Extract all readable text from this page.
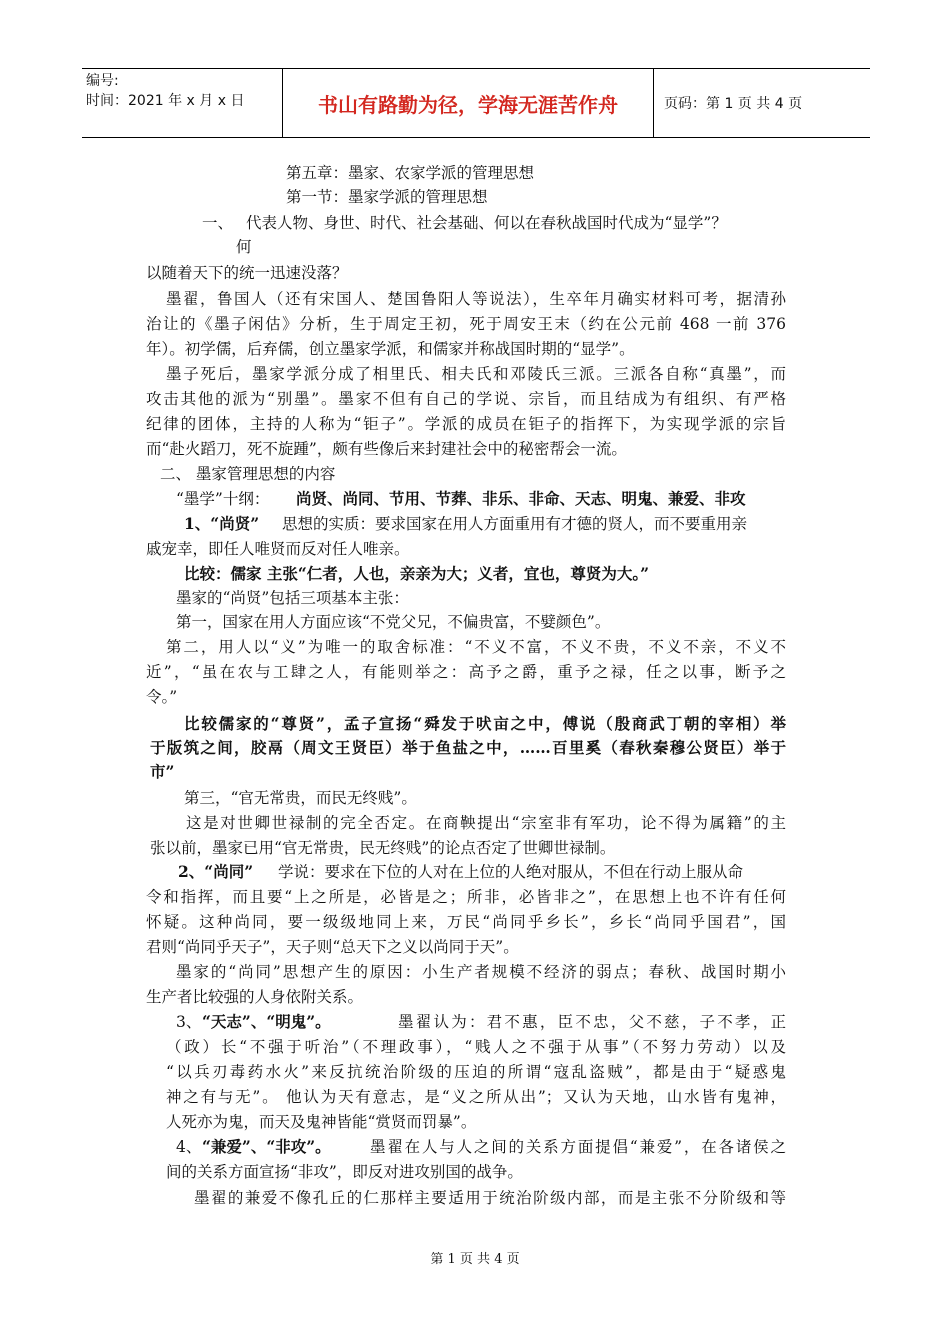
编号:
时间：2021 年 x 月 x 日	书山有路勤为径，学海无涯苦作舟	页码：第 1 页 共 4 页
第五章：墨家、农家学派的管理思想
第一节：墨家学派的管理思想
一、 代表人物、身世、时代、社会基础、何以在春秋战国时代成为“显学”？
何
以随着天下的统一迅速没落？
墨翟，鲁国人（还有宋国人、楚国鲁阳人等说法），生卒年月确实材料可考，据清孙
治让的《墨子闲估》分析，生于周定王初，死于周安王末（约在公元前 468 一前 376
年）。初学儒，后弃儒，创立墨家学派，和儒家并称战国时期的“显学”。
墨子死后，墨家学派分成了相里氏、相夫氏和邓陵氏三派。三派各自称“真墨”，而
攻击其他的派为“别墨”。墨家不但有自己的学说、宗旨，而且结成为有组织、有严格
纪律的团体，主持的人称为“钜子”。学派的成员在钜子的指挥下，为实现学派的宗旨
而“赴火蹈刀，死不旋踵”，颇有些像后来封建社会中的秘密帮会一流。
二、 墨家管理思想的内容
“墨学”十纲： 尚贤、尚同、节用、节葬、非乐、非命、天志、明鬼、兼爱、非攻
1、“尚贤” 思想的实质：要求国家在用人方面重用有才德的贤人，而不要重用亲
戚宠幸，即任人唯贤而反对任人唯亲。
比较：儒家 主张“仁者，人也，亲亲为大；义者，宜也，尊贤为大。”
墨家的“尚贤”包括三项基本主张：
第一，国家在用人方面应该“不党父兄，不偏贵富，不嬖颜色”。
第二，用人以“义”为唯一的取舍标准：“不义不富，不义不贵，不义不亲，不义不
近”，“虽在农与工肆之人，有能则举之：高予之爵，重予之禄，任之以事，断予之
令。”
比较儒家的“尊贤”，孟子宣扬“舜发于吠亩之中，傅说（殷商武丁朝的宰相）举
于版筑之间，胶鬲（周文王贤臣）举于鱼盐之中，……百里奚（春秋秦穆公贤臣）举于
市”
第三，“官无常贵，而民无终贱”。
这是对世卿世禄制的完全否定。在商鞅提出“宗室非有军功，论不得为属籍”的主
张以前，墨家已用“官无常贵，民无终贱”的论点否定了世卿世禄制。
2、“尚同” 学说：要求在下位的人对在上位的人绝对服从，不但在行动上服从命
令和指挥，而且要“上之所是，必皆是之；所非，必皆非之”，在思想上也不许有任何
怀疑。这种尚同，要一级级地同上来，万民“尚同乎乡长”，乡长“尚同乎国君”，国
君则“尚同乎天子”，天子则“总天下之义以尚同于天”。
墨家的“尚同”思想产生的原因：小生产者规模不经济的弱点；春秋、战国时期小
生产者比较强的人身依附关系。
3、 “天志”、“明鬼”。	墨翟认为：君不惠，臣不忠，父不慈，子不孝，正
（政）长“不强于听治”（不理政事），“贱人之不强于从事”（不努力劳动）以及
“以兵刃毒药水火”来反抗统治阶级的压迫的所谓“寇乱盗贼”，都是由于“疑惑鬼
神之有与无”。 他认为天有意志，是“义之所从出”；又认为天地，山水皆有鬼神，
人死亦为鬼，而天及鬼神皆能“赏贤而罚暴”。
4、 “兼爱”、“非攻”。	墨翟在人与人之间的关系方面提倡“兼爱”，在各诸侯之
间的关系方面宣扬“非攻”，即反对进攻别国的战争。
墨翟的兼爱不像孔丘的仁那样主要适用于统治阶级内部，而是主张不分阶级和等
第 1 页 共 4 页
